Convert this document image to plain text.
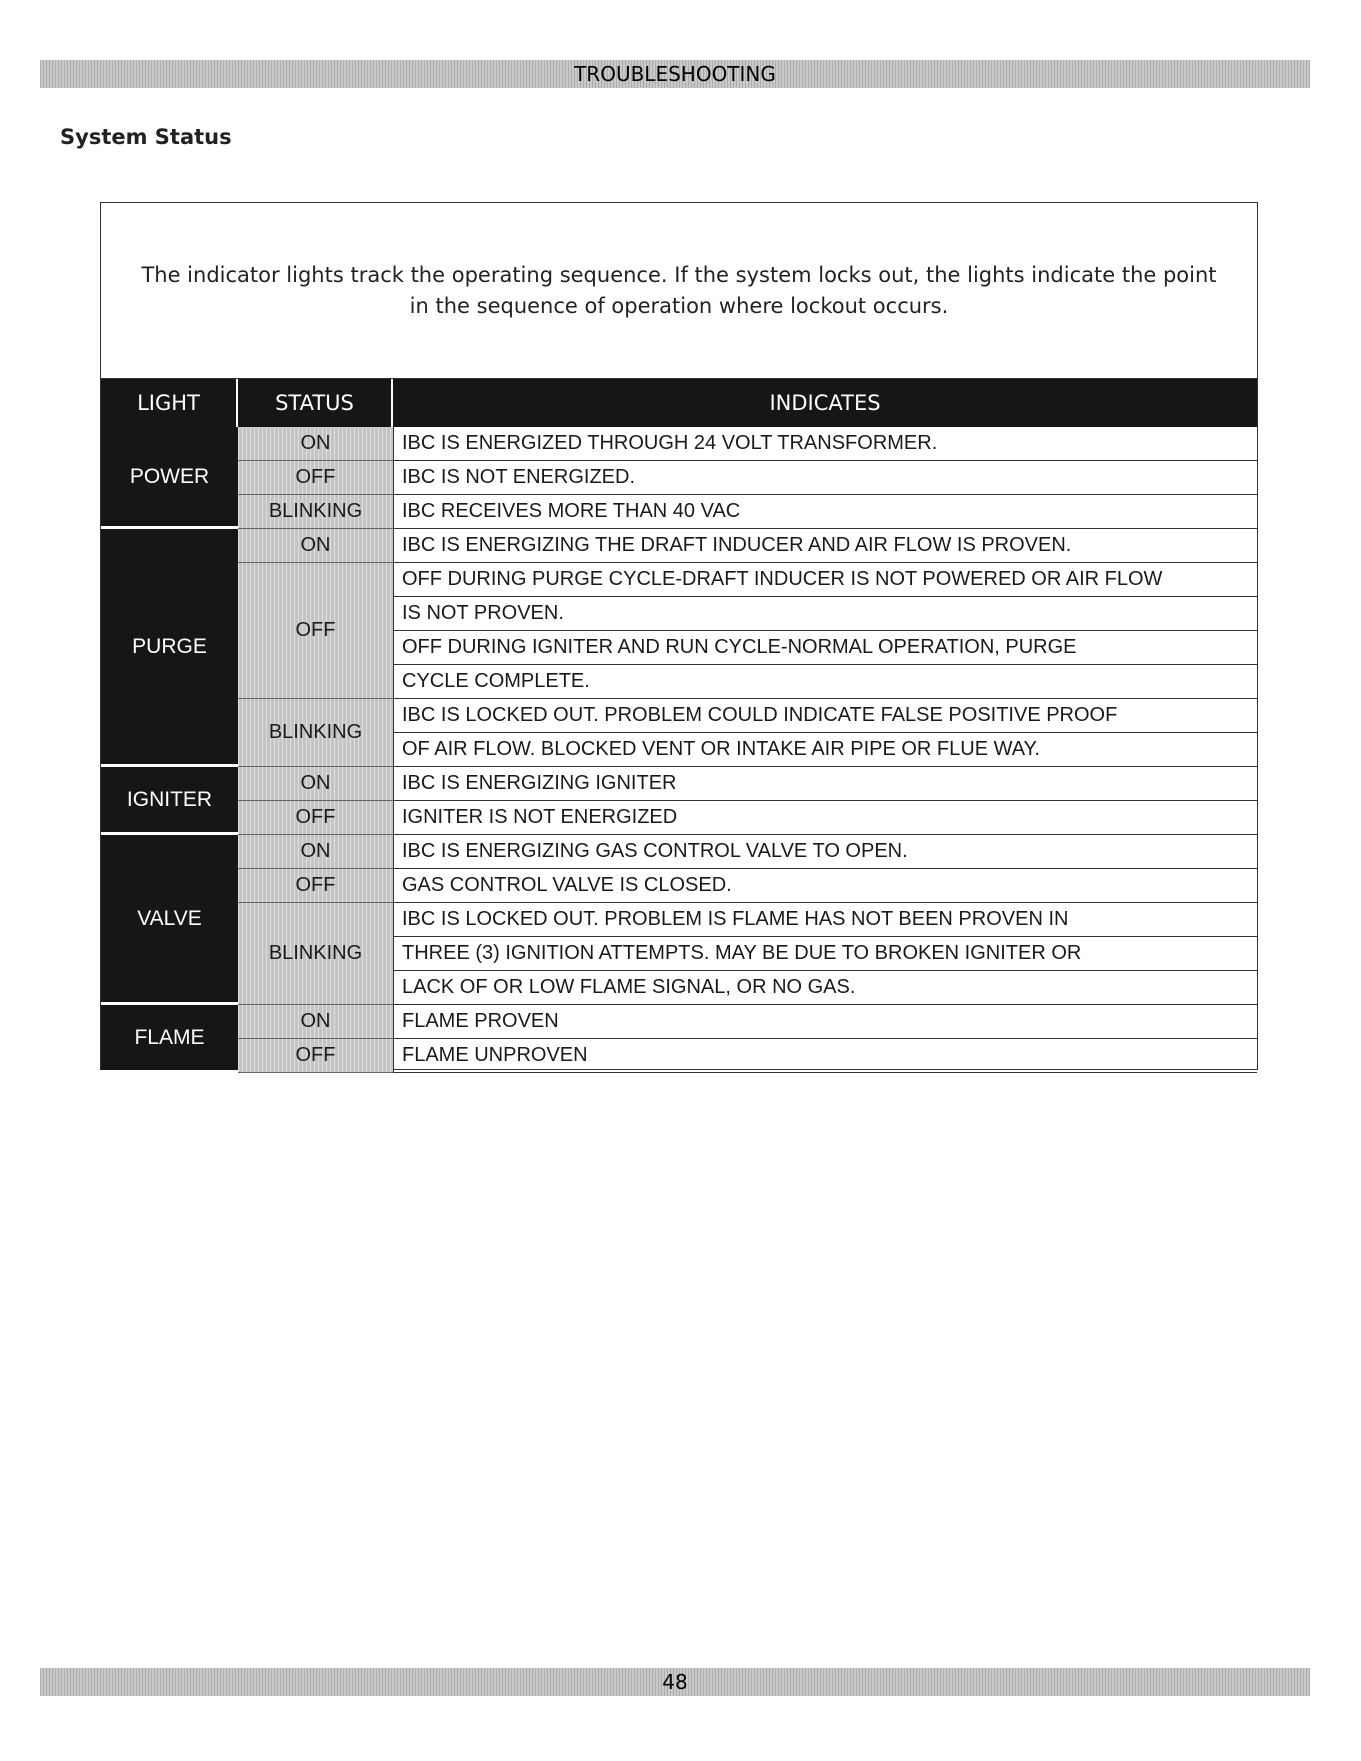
TROUBLESHOOTING
System Status

The indicator lights track the operating sequence. If the system locks out, the lights indicate the point in the sequence of operation where lockout occurs.

LIGHT	STATUS	INDICATES
IBC IS ENERGIZED THROUGH 24 VOLT TRANSFORMER.
ON
IBC IS NOT ENERGIZED.
OFF
IBC RECEIVES MORE THAN 40 VAC
BLINKING
POWER
IBC IS ENERGIZING THE DRAFT INDUCER AND AIR FLOW IS PROVEN.
ON
OFF DURING PURGE CYCLE-DRAFT INDUCER IS NOT POWERED OR AIR FLOW
IS NOT PROVEN.
OFF DURING IGNITER AND RUN CYCLE-NORMAL OPERATION, PURGE
CYCLE COMPLETE.
OFF
IBC IS LOCKED OUT. PROBLEM COULD INDICATE FALSE POSITIVE PROOF
OF AIR FLOW. BLOCKED VENT OR INTAKE AIR PIPE OR FLUE WAY.
BLINKING
PURGE
IBC IS ENERGIZING IGNITER
ON
IGNITER IS NOT ENERGIZED
OFF
IGNITER
IBC IS ENERGIZING GAS CONTROL VALVE TO OPEN.
ON
GAS CONTROL VALVE IS CLOSED.
OFF
IBC IS LOCKED OUT. PROBLEM IS FLAME HAS NOT BEEN PROVEN IN
THREE (3) IGNITION ATTEMPTS. MAY BE DUE TO BROKEN IGNITER OR
LACK OF OR LOW FLAME SIGNAL, OR NO GAS.
BLINKING
VALVE
FLAME PROVEN
ON
FLAME UNPROVEN
OFF
FLAME
48
